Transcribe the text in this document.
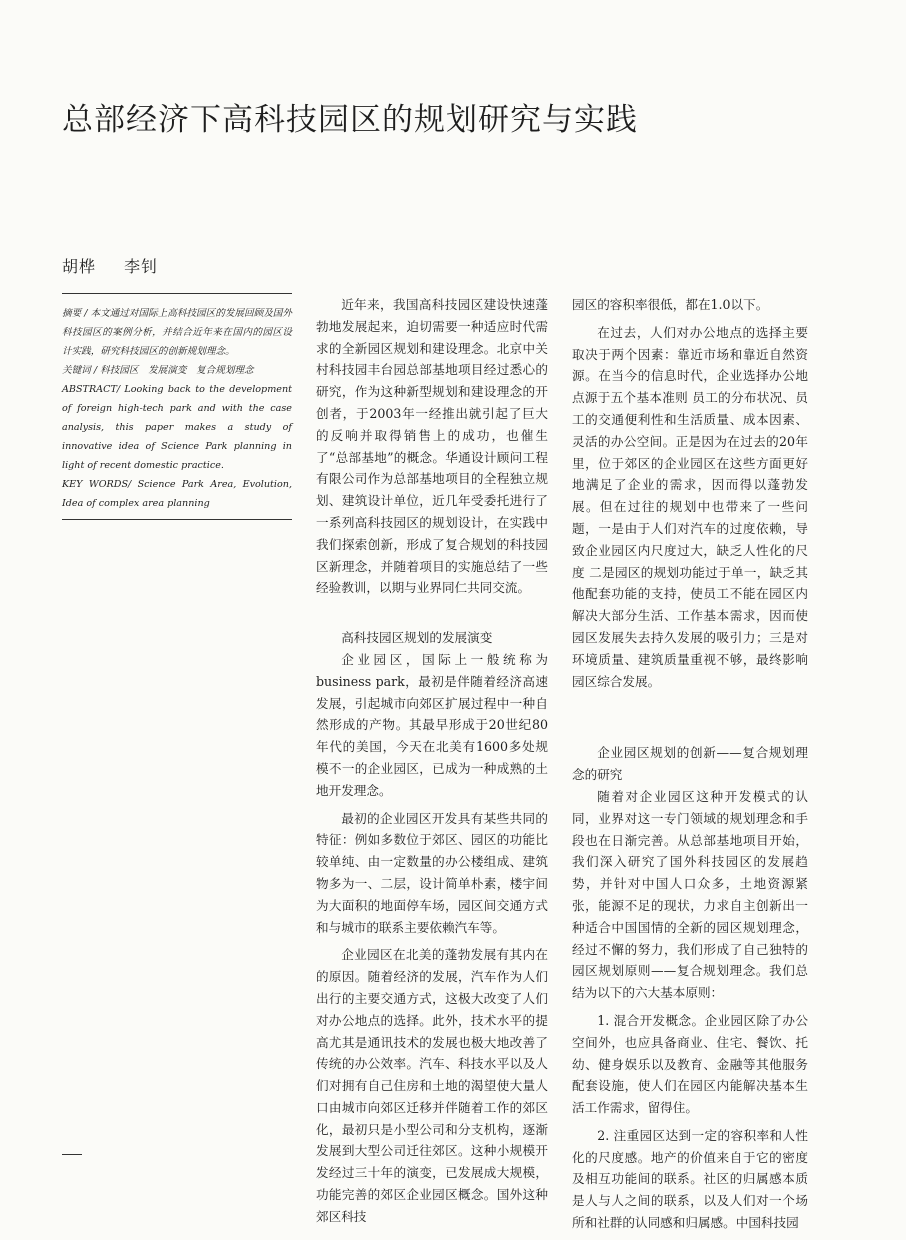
总部经济下高科技园区的规划研究与实践
胡桦 李钊

摘要 / 本文通过对国际上高科技园区的发展回顾及国外科技园区的案例分析，并结合近年来在国内的园区设计实践，研究科技园区的创新规划理念。

关键词 / 科技园区　发展演变　复合规划理念

ABSTRACT/ Looking back to the development of foreign high-tech park and with the case analysis, this paper makes a study of innovative idea of Science Park planning in light of recent domestic practice.

KEY WORDS/ Science Park Area, Evolution, Idea of complex area planning

近年来，我国高科技园区建设快速蓬勃地发展起来，迫切需要一种适应时代需求的全新园区规划和建设理念。北京中关村科技园丰台园总部基地项目经过悉心的研究，作为这种新型规划和建设理念的开创者，于2003年一经推出就引起了巨大的反响并取得销售上的成功，也催生了“总部基地”的概念。华通设计顾问工程有限公司作为总部基地项目的全程独立规划、建筑设计单位，近几年受委托进行了一系列高科技园区的规划设计，在实践中我们探索创新，形成了复合规划的科技园区新理念，并随着项目的实施总结了一些经验教训，以期与业界同仁共同交流。

高科技园区规划的发展演变

企业园区，国际上一般统称为business park，最初是伴随着经济高速发展，引起城市向郊区扩展过程中一种自然形成的产物。其最早形成于20世纪80年代的美国，今天在北美有1600多处规模不一的企业园区，已成为一种成熟的土地开发理念。

最初的企业园区开发具有某些共同的特征：例如多数位于郊区、园区的功能比较单纯、由一定数量的办公楼组成、建筑物多为一、二层，设计简单朴素，楼宇间为大面积的地面停车场，园区间交通方式和与城市的联系主要依赖汽车等。

企业园区在北美的蓬勃发展有其内在的原因。随着经济的发展，汽车作为人们出行的主要交通方式，这极大改变了人们对办公地点的选择。此外，技术水平的提高尤其是通讯技术的发展也极大地改善了传统的办公效率。汽车、科技水平以及人们对拥有自己住房和土地的渴望使大量人口由城市向郊区迁移并伴随着工作的郊区化，最初只是小型公司和分支机构，逐渐发展到大型公司迁往郊区。这种小规模开发经过三十年的演变，已发展成大规模，功能完善的郊区企业园区概念。国外这种郊区科技

园区的容积率很低，都在1.0以下。

在过去，人们对办公地点的选择主要取决于两个因素：靠近市场和靠近自然资源。在当今的信息时代，企业选择办公地点源于五个基本准则 员工的分布状况、员工的交通便利性和生活质量、成本因素、灵活的办公空间。正是因为在过去的20年里，位于郊区的企业园区在这些方面更好地满足了企业的需求，因而得以蓬勃发展。但在过往的规划中也带来了一些问题，一是由于人们对汽车的过度依赖，导致企业园区内尺度过大，缺乏人性化的尺度 二是园区的规划功能过于单一，缺乏其他配套功能的支持，使员工不能在园区内解决大部分生活、工作基本需求，因而使园区发展失去持久发展的吸引力；三是对环境质量、建筑质量重视不够，最终影响园区综合发展。

企业园区规划的创新——复合规划理念的研究

随着对企业园区这种开发模式的认同，业界对这一专门领域的规划理念和手段也在日渐完善。从总部基地项目开始，我们深入研究了国外科技园区的发展趋势，并针对中国人口众多，土地资源紧张，能源不足的现状，力求自主创新出一种适合中国国情的全新的园区规划理念，经过不懈的努力，我们形成了自己独特的园区规划原则——复合规划理念。我们总结为以下的六大基本原则：

1. 混合开发概念。企业园区除了办公空间外，也应具备商业、住宅、餐饮、托幼、健身娱乐以及教育、金融等其他服务配套设施，使人们在园区内能解决基本生活工作需求，留得住。

2. 注重园区达到一定的容积率和人性化的尺度感。地产的价值来自于它的密度及相互功能间的联系。社区的归属感本质是人与人之间的联系，以及人们对一个场所和社群的认同感和归属感。中国科技园
